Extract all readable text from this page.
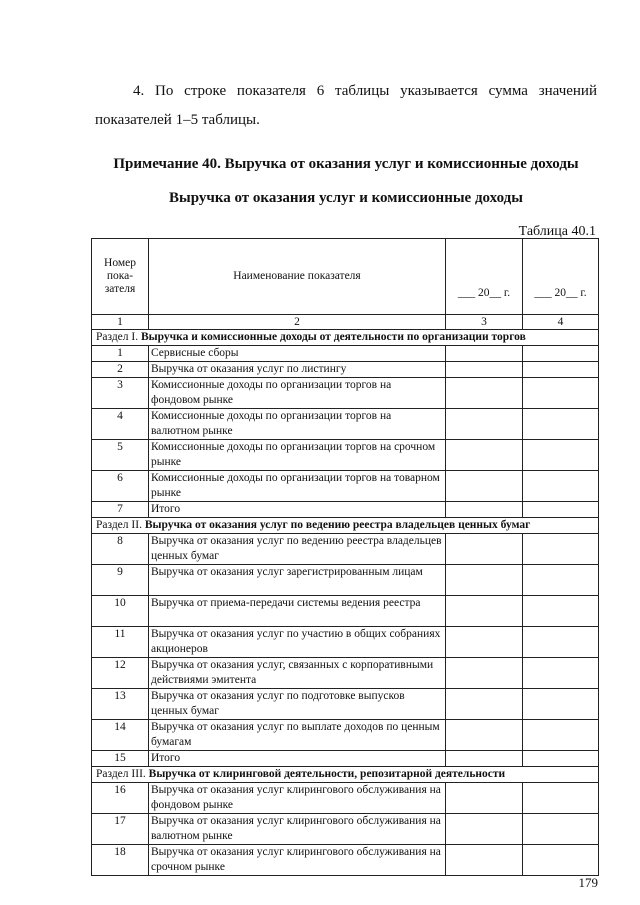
4. По строке показателя 6 таблицы указывается сумма значений
показателей 1–5 таблицы.

Примечание 40. Выручка от оказания услуг и комиссионные доходы

Выручка от оказания услуг и комиссионные доходы

Таблица 40.1

Номер пока- зателя	Наименование показателя	___ 20__ г.	___ 20__ г.
1	2	3	4
Раздел I. Выручка и комиссионные доходы от деятельности по организации торгов			
1	Сервисные сборы		
2	Выручка от оказания услуг по листингу		
3	Комиссионные доходы по организации торгов на фондовом рынке		
4	Комиссионные доходы по организации торгов на валютном рынке		
5	Комиссионные доходы по организации торгов на срочном рынке		
6	Комиссионные доходы по организации торгов на товарном рынке		
7	Итого		
Раздел II. Выручка от оказания услуг по ведению реестра владельцев ценных бумаг			
8	Выручка от оказания услуг по ведению реестра владельцев ценных бумаг		
9	Выручка от оказания услуг зарегистрированным лицам		
10	Выручка от приема-передачи системы ведения реестра		
11	Выручка от оказания услуг по участию в общих собраниях акционеров		
12	Выручка от оказания услуг, связанных с корпоративными действиями эмитента		
13	Выручка от оказания услуг по подготовке выпусков ценных бумаг		
14	Выручка от оказания услуг по выплате доходов по ценным бумагам		
15	Итого		
Раздел III. Выручка от клиринговой деятельности, репозитарной деятельности			
16	Выручка от оказания услуг клирингового обслуживания на фондовом рынке		
17	Выручка от оказания услуг клирингового обслуживания на валютном рынке		
18	Выручка от оказания услуг клирингового обслуживания на срочном рынке		

179
